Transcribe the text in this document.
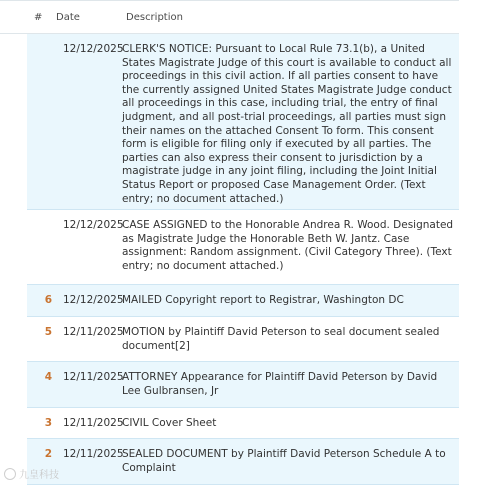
# Date	Description
12/12/2025
CLERK'S NOTICE: Pursuant to Local Rule 73.1(b), a United States Magistrate Judge of this court is available to conduct all proceedings in this civil action. If all parties consent to have the currently assigned United States Magistrate Judge conduct all proceedings in this case, including trial, the entry of final judgment, and all post-trial proceedings, all parties must sign their names on the attached Consent To form. This consent form is eligible for filing only if executed by all parties. The parties can also express their consent to jurisdiction by a magistrate judge in any joint filing, including the Joint Initial Status Report or proposed Case Management Order. (Text entry; no document attached.)
12/12/2025
CASE ASSIGNED to the Honorable Andrea R. Wood. Designated as Magistrate Judge the Honorable Beth W. Jantz. Case assignment: Random assignment. (Civil Category Three). (Text entry; no document attached.)
6 12/12/2025
MAILED Copyright report to Registrar, Washington DC
5 12/11/2025
MOTION by Plaintiff David Peterson to seal document sealed document[2]
4 12/11/2025
ATTORNEY Appearance for Plaintiff David Peterson by David Lee Gulbransen, Jr
3 12/11/2025
CIVIL Cover Sheet
2 12/11/2025
SEALED DOCUMENT by Plaintiff David Peterson Schedule A to Complaint
九皇科技
